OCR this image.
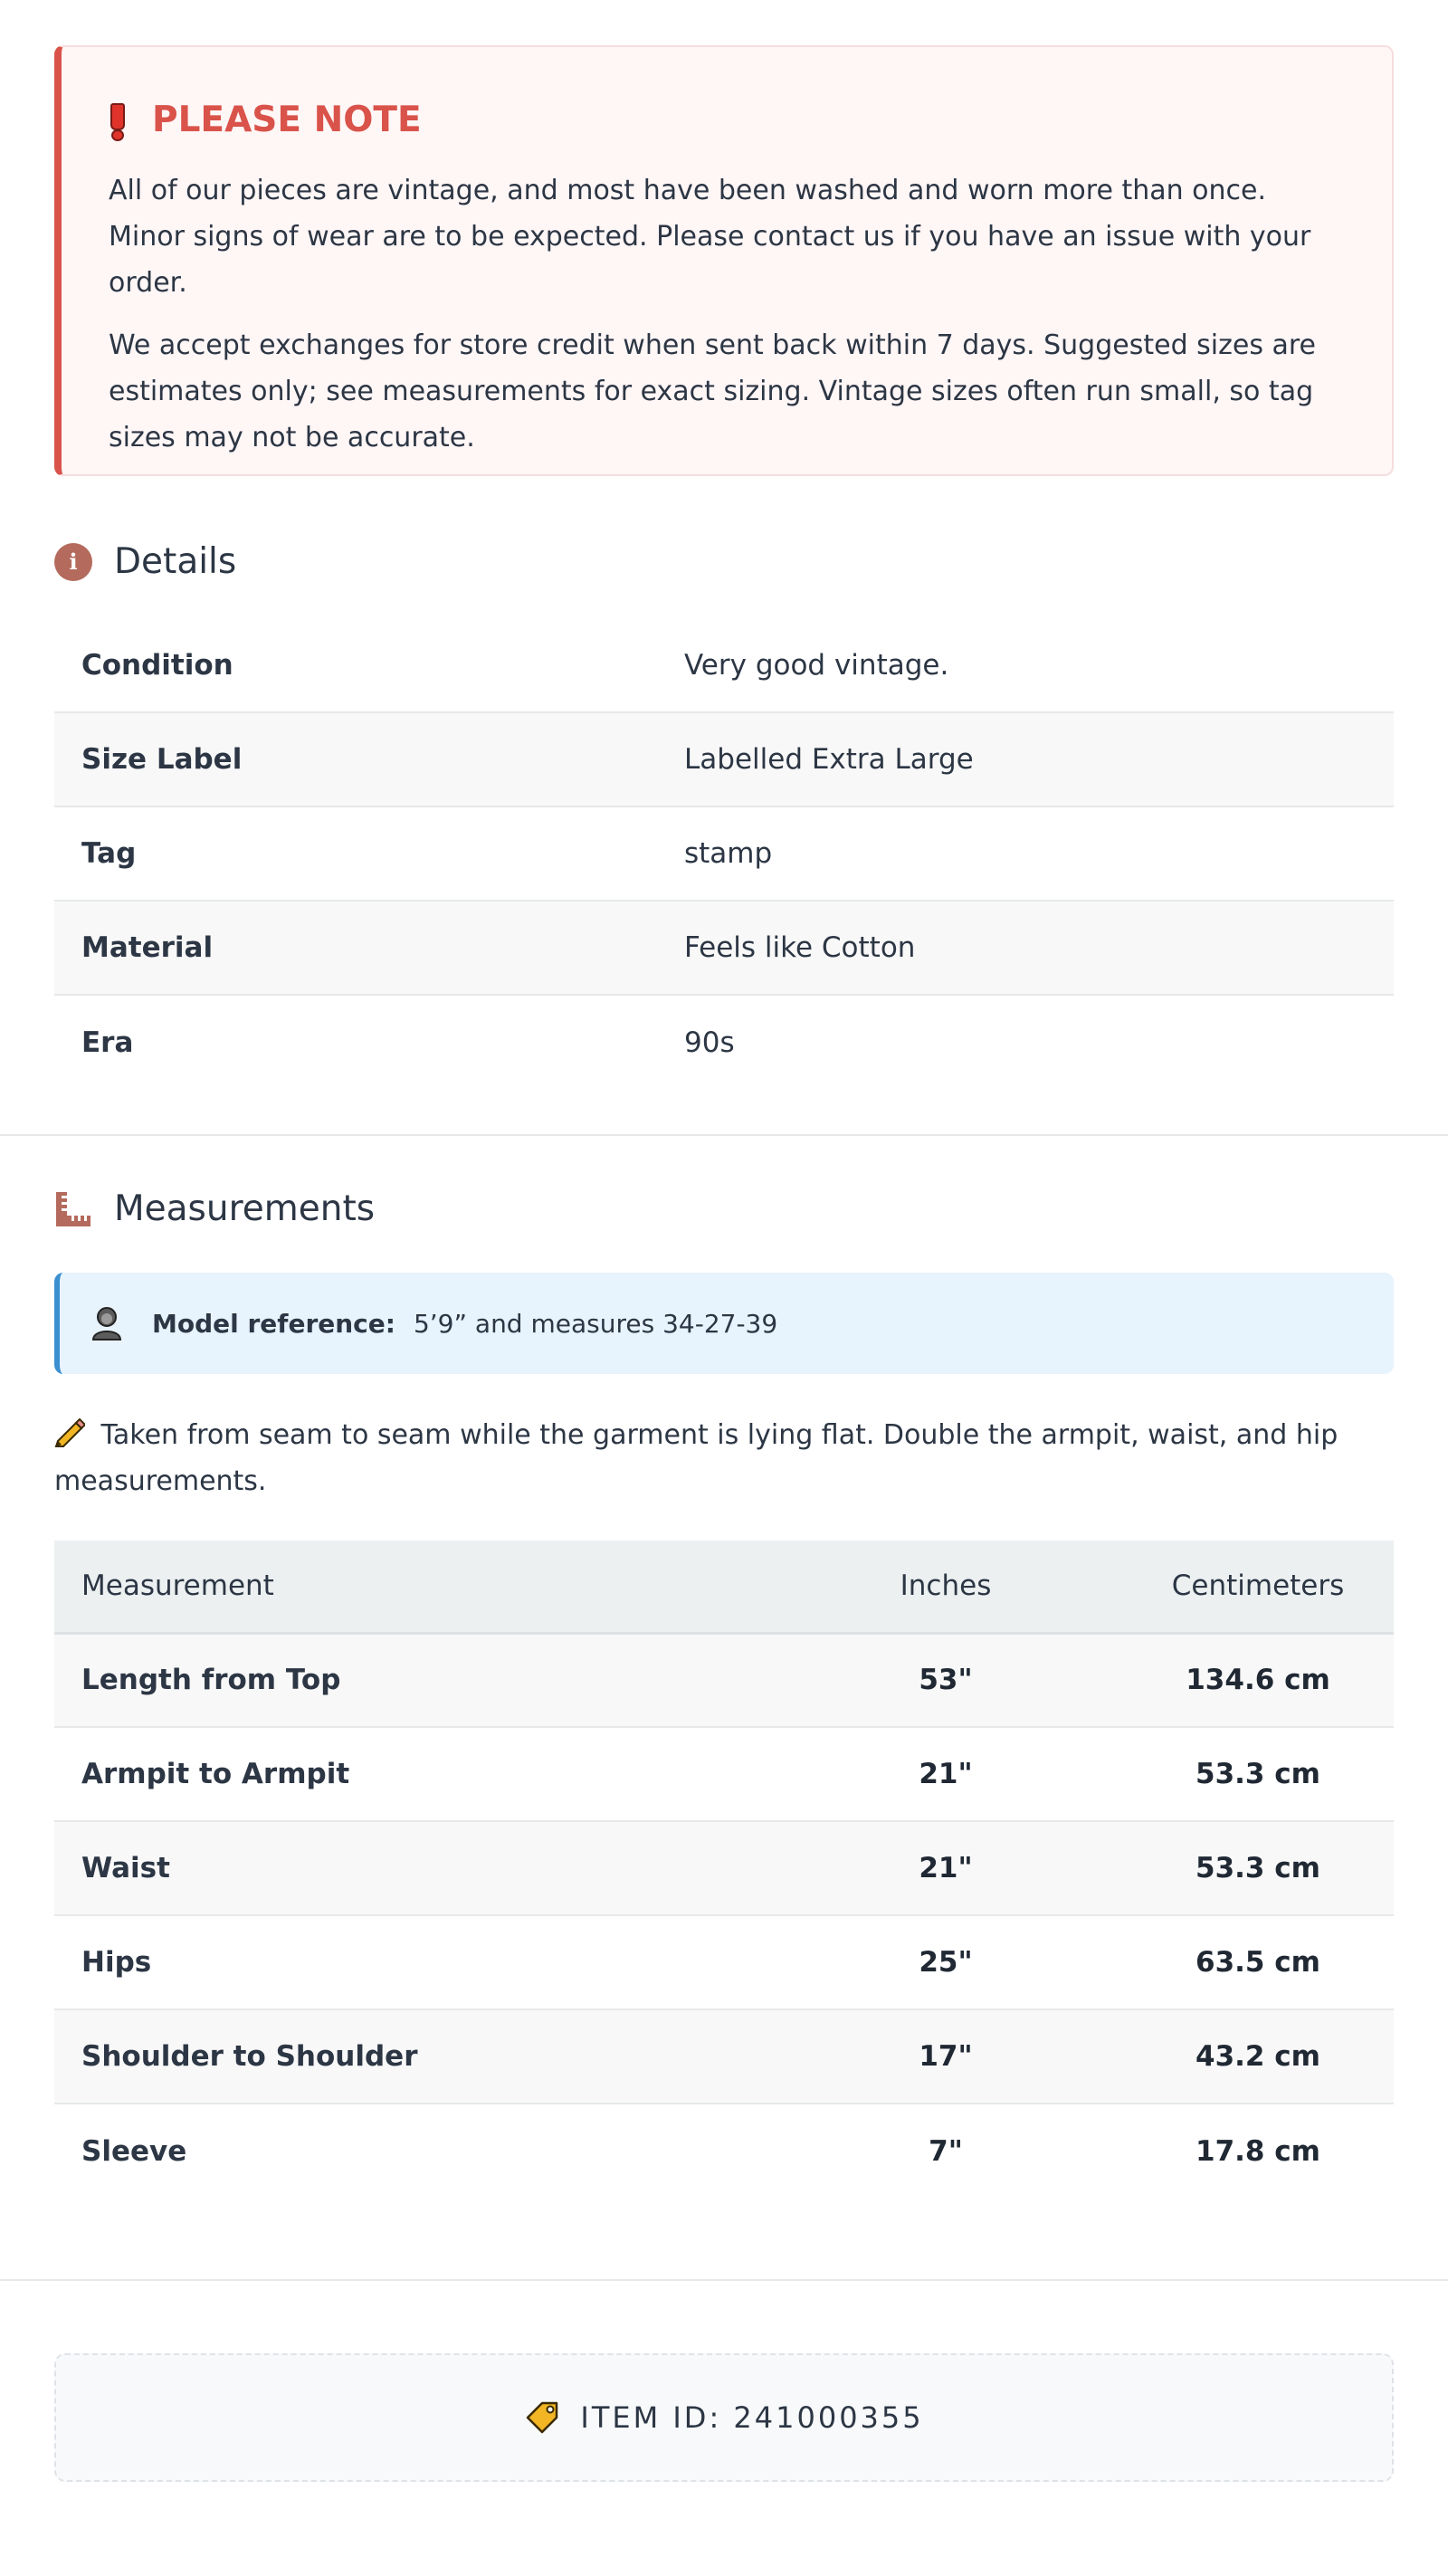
PLEASE NOTE

All of our pieces are vintage, and most have been washed and worn more than once. Minor signs of wear are to be expected. Please contact us if you have an issue with your order.

We accept exchanges for store credit when sent back within 7 days. Suggested sizes are estimates only; see measurements for exact sizing. Vintage sizes often run small, so tag sizes may not be accurate.

i	Details
Condition	Very good vintage.
Size Label	Labelled Extra Large
Tag	stamp
Material	Feels like Cotton
Era	90s
Measurements
Model reference: 5’9” and measures 34-27-39
Taken from seam to seam while the garment is lying flat. Double the armpit, waist, and hip measurements.
Measurement	Inches	Centimeters
Length from Top	53"	134.6 cm
Armpit to Armpit	21"	53.3 cm
Waist	21"	53.3 cm
Hips	25"	63.5 cm
Shoulder to Shoulder	17"	43.2 cm
Sleeve	7"	17.8 cm
ITEM ID: 241000355
